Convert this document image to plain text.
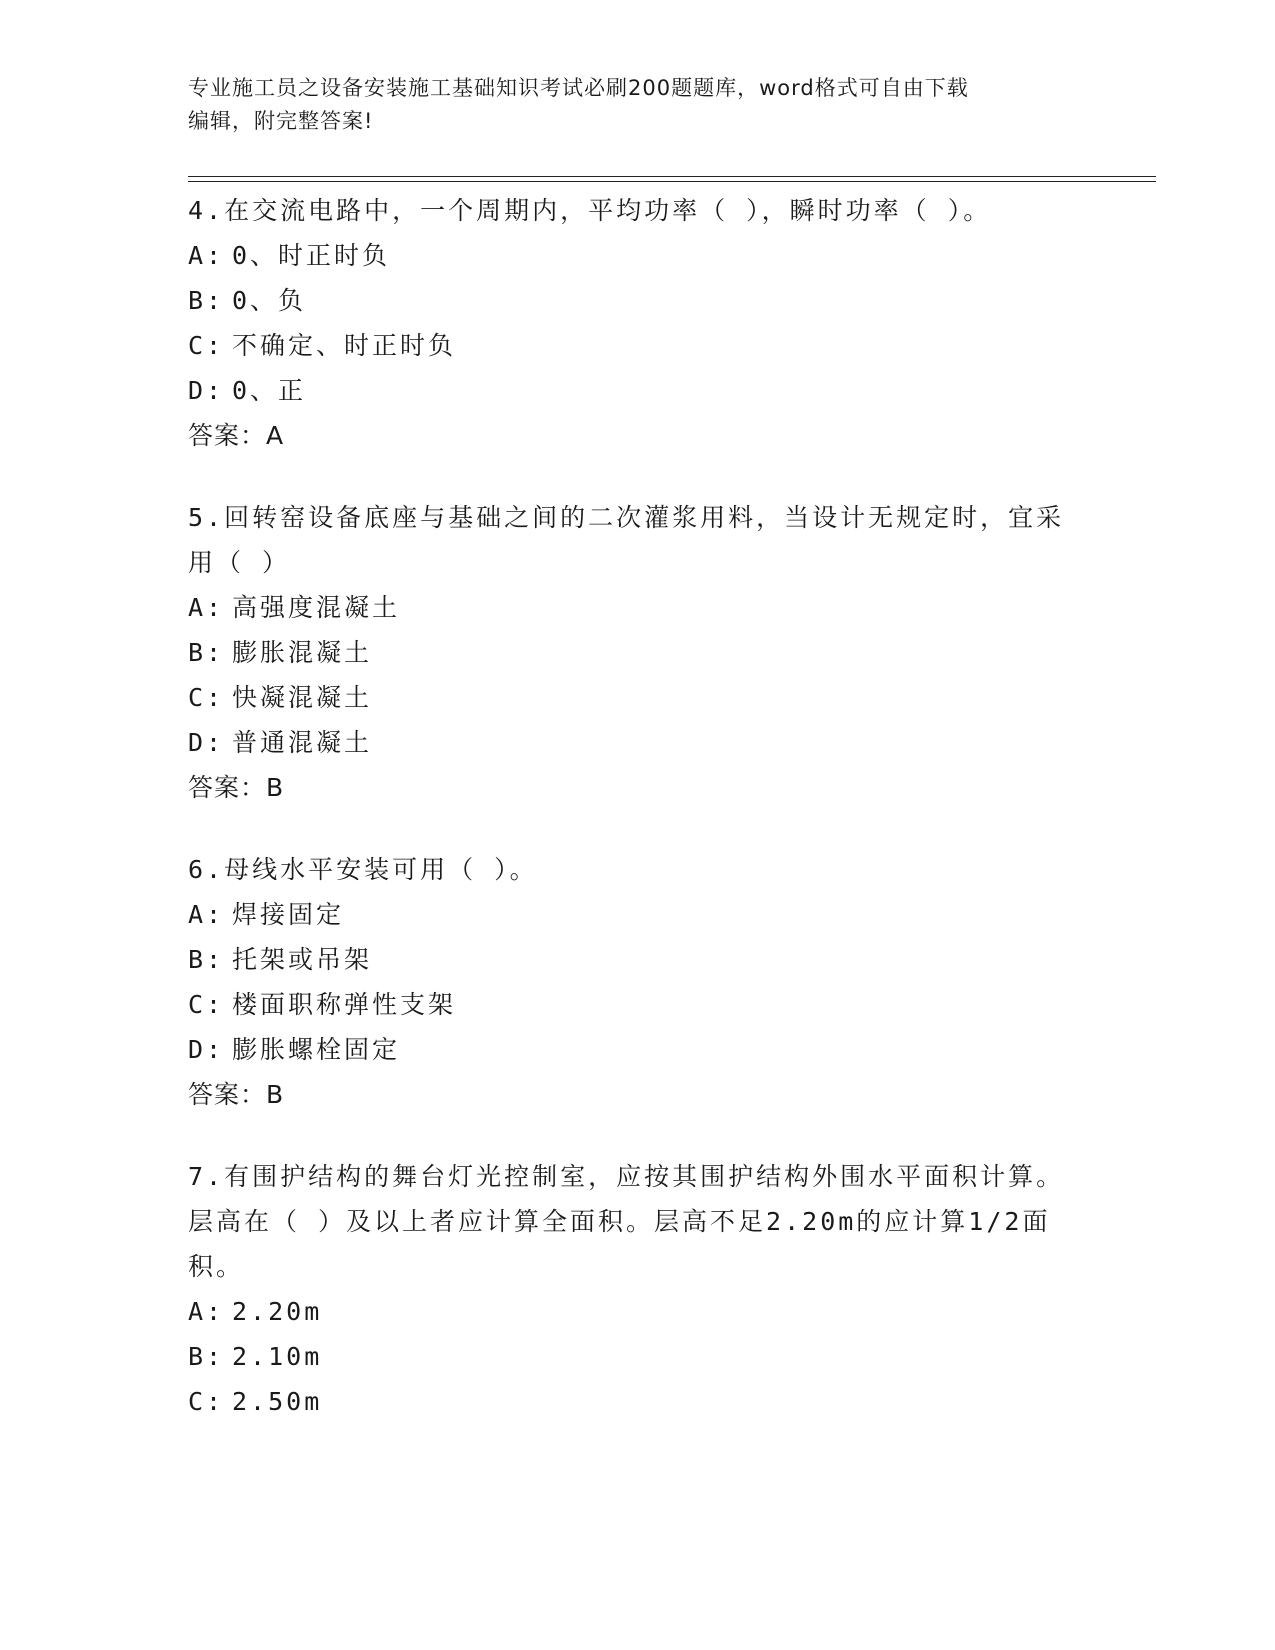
专业施工员之设备安装施工基础知识考试必刷200题题库，word格式可自由下载
编辑，附完整答案!
4.在交流电路中，一个周期内，平均功率（ ），瞬时功率（ ）。
A: 0、时正时负
B: 0、负
C: 不确定、时正时负
D: 0、正
答案：A
5.回转窑设备底座与基础之间的二次灌浆用料，当设计无规定时，宜采用（ ）
A: 高强度混凝土
B: 膨胀混凝土
C: 快凝混凝土
D: 普通混凝土
答案：B
6.母线水平安装可用（ ）。
A: 焊接固定
B: 托架或吊架
C: 楼面职称弹性支架
D: 膨胀螺栓固定
答案：B
7.有围护结构的舞台灯光控制室，应按其围护结构外围水平面积计算。层高在（ ）及以上者应计算全面积。层高不足2.20m的应计算1/2面积。
A: 2.20m
B: 2.10m
C: 2.50m
